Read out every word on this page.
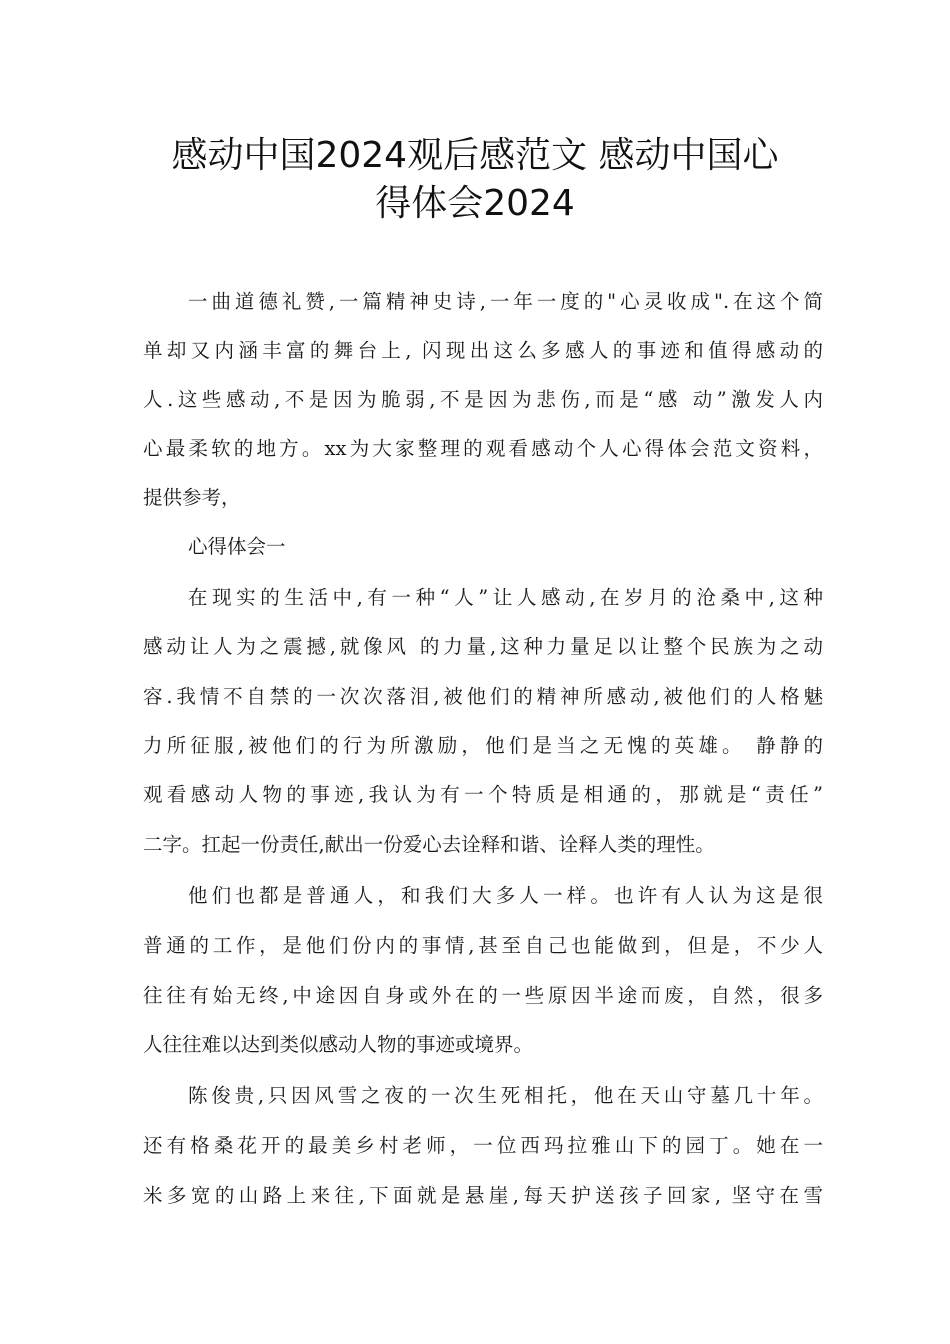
感动中国2024观后感范文 感动中国心
得体会2024
一曲道德礼赞,一篇精神史诗,一年一度的"心灵收成".在这个简
单却又内涵丰富的舞台上, 闪现出这么多感人的事迹和值得感动的
人.这些感动,不是因为脆弱,不是因为悲伤,而是“感 动”激发人内
心最柔软的地方。xx为大家整理的观看感动个人心得体会范文资料，
提供参考，
心得体会一
在现实的生活中,有一种“人”让人感动,在岁月的沧桑中,这种
感动让人为之震撼,就像风 的力量,这种力量足以让整个民族为之动
容.我情不自禁的一次次落泪,被他们的精神所感动,被他们的人格魅
力所征服,被他们的行为所激励，他们是当之无愧的英雄。 静静的
观看感动人物的事迹,我认为有一个特质是相通的，那就是“责任”
二字。扛起一份责任,献出一份爱心去诠释和谐、诠释人类的理性。
他们也都是普通人，和我们大多人一样。也许有人认为这是很
普通的工作，是他们份内的事情,甚至自己也能做到，但是，不少人
往往有始无终,中途因自身或外在的一些原因半途而废，自然，很多
人往往难以达到类似感动人物的事迹或境界。
陈俊贵,只因风雪之夜的一次生死相托，他在天山守墓几十年。
还有格桑花开的最美乡村老师，一位西玛拉雅山下的园丁。她在一
米多宽的山路上来往,下面就是悬崖,每天护送孩子回家, 坚守在雪
